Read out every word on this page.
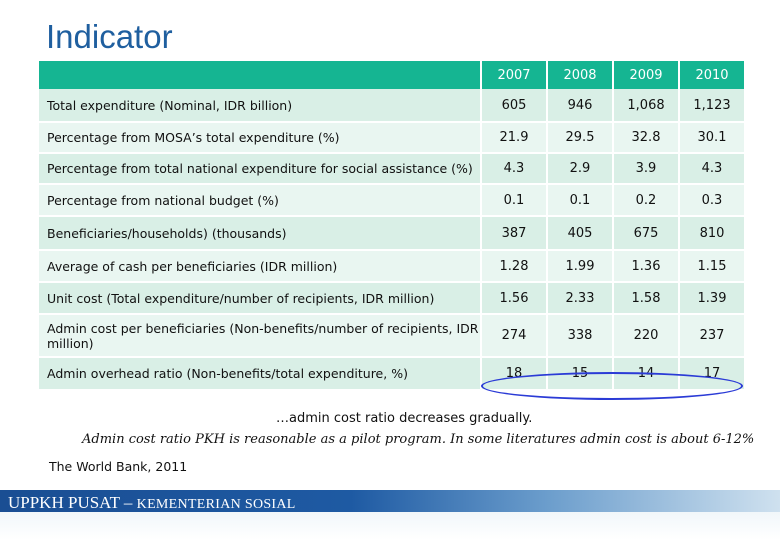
Indicator
	2007	2008	2009	2010
Total expenditure (Nominal, IDR billion)	605	946	1,068	1,123
Percentage from MOSA’s total expenditure (%)	21.9	29.5	32.8	30.1
Percentage from total national expenditure for social assistance (%)	4.3	2.9	3.9	4.3
Percentage from national budget (%)	0.1	0.1	0.2	0.3
Beneficiaries/households) (thousands)	387	405	675	810
Average of cash per beneficiaries (IDR million)	1.28	1.99	1.36	1.15
Unit cost (Total expenditure/number of recipients, IDR million)	1.56	2.33	1.58	1.39
Admin cost per beneficiaries (Non-benefits/number of recipients, IDR million)	274	338	220	237
Admin overhead ratio (Non-benefits/total expenditure, %)	18	15	14	17
…admin cost ratio decreases gradually.
Admin cost ratio PKH is reasonable as a pilot program. In some literatures admin cost is about 6-12%
The World Bank, 2011
UPPKH PUSAT – KEMENTERIAN SOSIAL
